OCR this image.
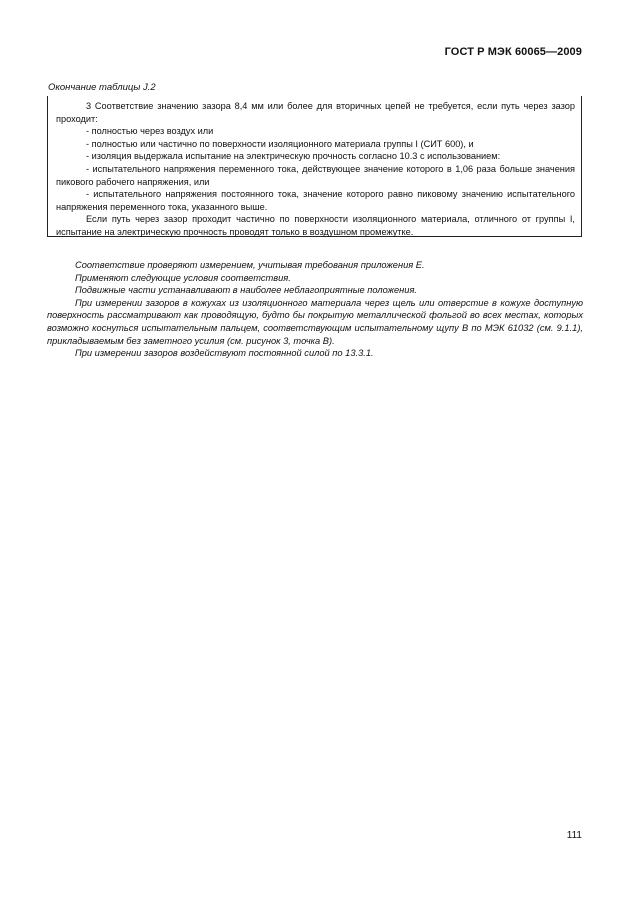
ГОСТ Р МЭК 60065—2009
Окончание таблицы J.2

3 Соответствие значению зазора 8,4 мм или более для вторичных цепей не требуется, если путь через зазор проходит:

- полностью через воздух или

- полностью или частично по поверхности изоляционного материала группы I (СИТ 600), и

- изоляция выдержала испытание на электрическую прочность согласно 10.3 с использованием:

- испытательного напряжения переменного тока, действующее значение которого в 1,06 раза больше значения пикового рабочего напряжения, или

- испытательного напряжения постоянного тока, значение которого равно пиковому значению испытательного напряжения переменного тока, указанного выше.

Если путь через зазор проходит частично по поверхности изоляционного материала, отличного от группы I, испытание на электрическую прочность проводят только в воздушном промежутке.

Соответствие проверяют измерением, учитывая требования приложения Е.

Применяют следующие условия соответствия.

Подвижные части устанавливают в наиболее неблагоприятные положения.

При измерении зазоров в кожухах из изоляционного материала через щель или отверстие в кожухе доступную поверхность рассматривают как проводящую, будто бы покрытую металлической фольгой во всех местах, которых возможно коснуться испытательным пальцем, соответствующим испытательному щупу В по МЭК 61032 (см. 9.1.1), прикладываемым без заметного усилия (см. рисунок 3, точка В).

При измерении зазоров воздействуют постоянной силой по 13.3.1.

111
